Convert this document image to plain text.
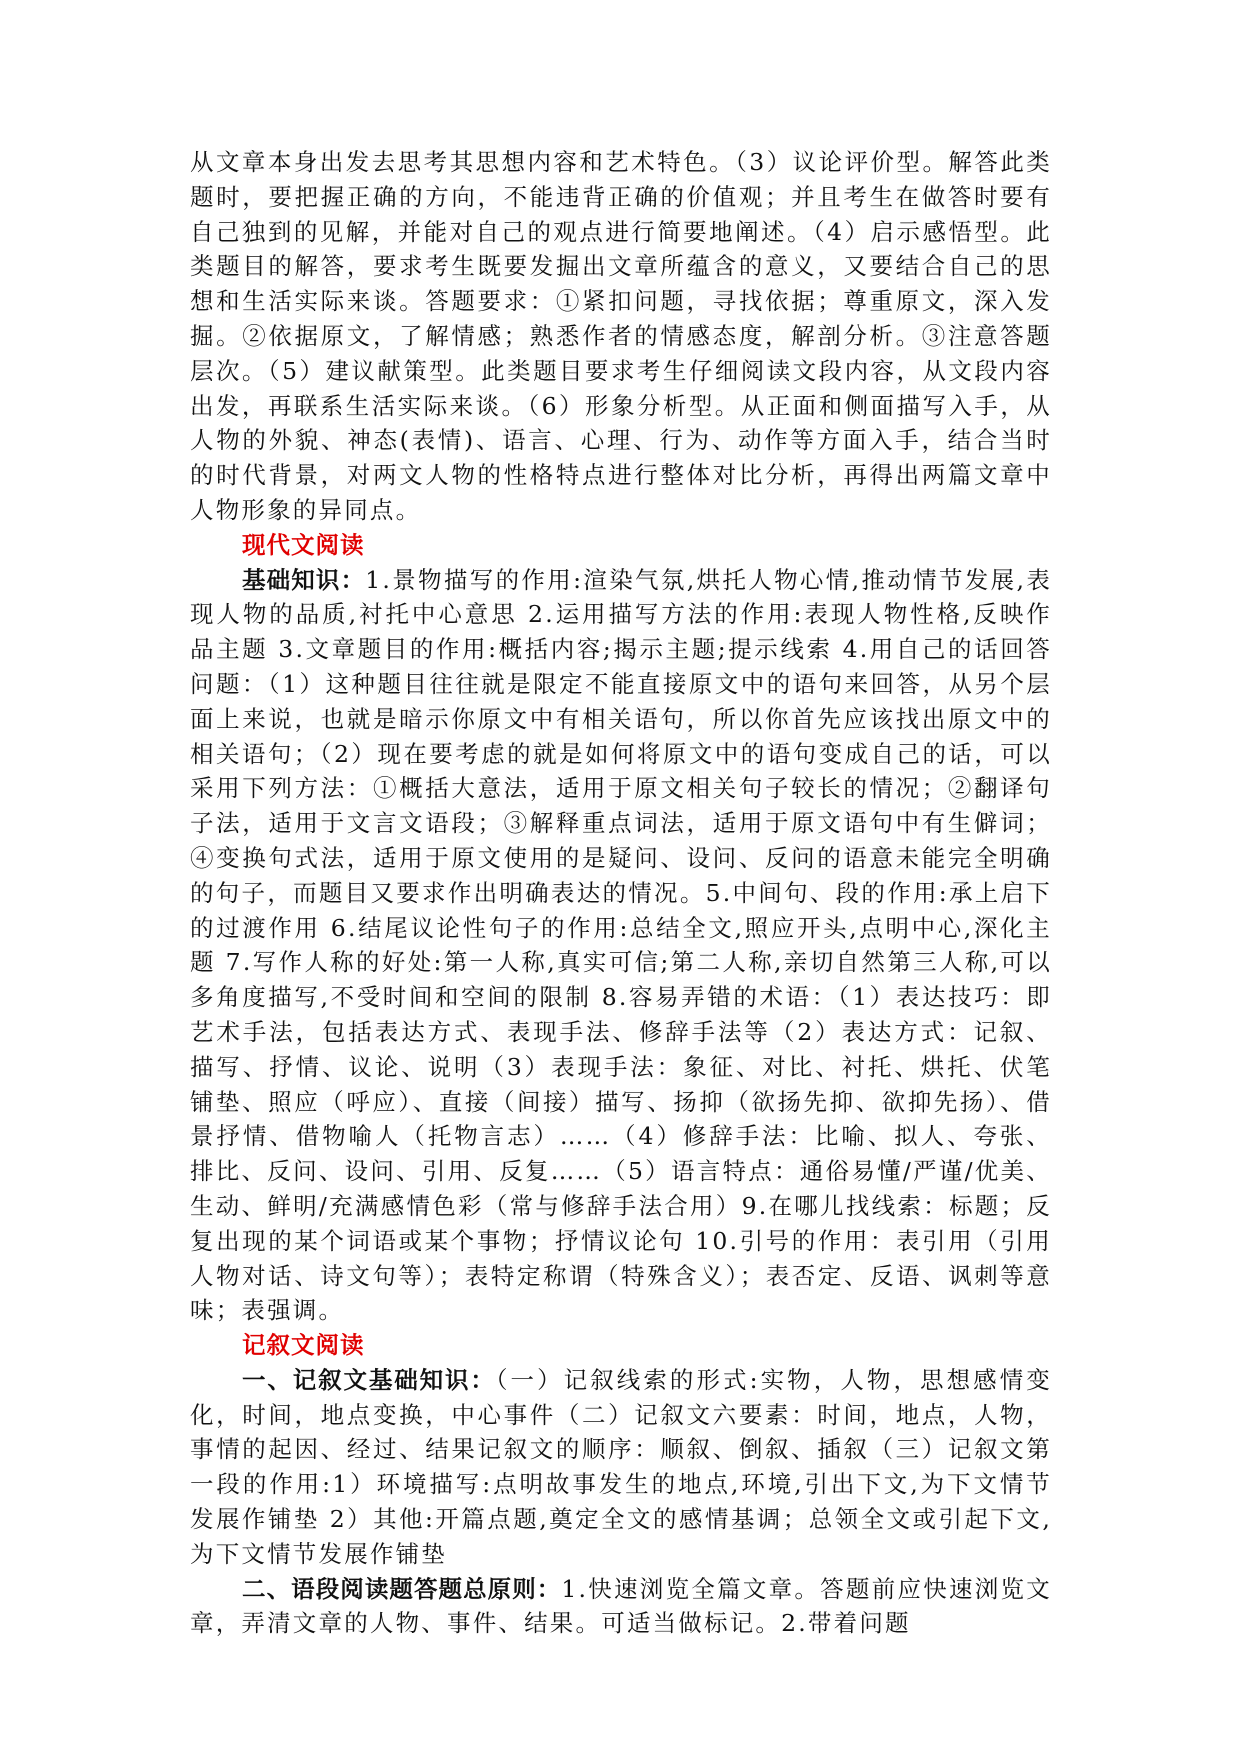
从文章本身出发去思考其思想内容和艺术特色。（3）议论评价型。解答此类题时，要把握正确的方向，不能违背正确的价值观；并且考生在做答时要有自己独到的见解，并能对自己的观点进行简要地阐述。（4）启示感悟型。此类题目的解答，要求考生既要发掘出文章所蕴含的意义，又要结合自己的思想和生活实际来谈。答题要求：①紧扣问题，寻找依据；尊重原文，深入发掘。②依据原文，了解情感；熟悉作者的情感态度，解剖分析。③注意答题层次。（5）建议献策型。此类题目要求考生仔细阅读文段内容，从文段内容出发，再联系生活实际来谈。（6）形象分析型。从正面和侧面描写入手，从人物的外貌、神态(表情)、语言、心理、行为、动作等方面入手，结合当时的时代背景，对两文人物的性格特点进行整体对比分析，再得出两篇文章中人物形象的异同点。

现代文阅读

基础知识：1.景物描写的作用:渲染气氛,烘托人物心情,推动情节发展,表现人物的品质,衬托中心意思 2.运用描写方法的作用:表现人物性格,反映作品主题 3.文章题目的作用:概括内容;揭示主题;提示线索 4.用自己的话回答问题：（1）这种题目往往就是限定不能直接原文中的语句来回答，从另个层面上来说，也就是暗示你原文中有相关语句，所以你首先应该找出原文中的相关语句；（2）现在要考虑的就是如何将原文中的语句变成自己的话，可以采用下列方法：①概括大意法，适用于原文相关句子较长的情况；②翻译句子法，适用于文言文语段；③解释重点词法，适用于原文语句中有生僻词；④变换句式法，适用于原文使用的是疑问、设问、反问的语意未能完全明确的句子，而题目又要求作出明确表达的情况。5.中间句、段的作用:承上启下的过渡作用 6.结尾议论性句子的作用:总结全文,照应开头,点明中心,深化主题 7.写作人称的好处:第一人称,真实可信;第二人称,亲切自然第三人称,可以多角度描写,不受时间和空间的限制 8.容易弄错的术语：（1）表达技巧：即艺术手法，包括表达方式、表现手法、修辞手法等（2）表达方式：记叙、描写、抒情、议论、说明（3）表现手法：象征、对比、衬托、烘托、伏笔铺垫、照应（呼应）、直接（间接）描写、扬抑（欲扬先抑、欲抑先扬）、借景抒情、借物喻人（托物言志）……（4）修辞手法：比喻、拟人、夸张、排比、反问、设问、引用、反复……（5）语言特点：通俗易懂/严谨/优美、生动、鲜明/充满感情色彩（常与修辞手法合用）9.在哪儿找线索：标题；反复出现的某个词语或某个事物；抒情议论句 10.引号的作用：表引用（引用人物对话、诗文句等）；表特定称谓（特殊含义）；表否定、反语、讽刺等意味；表强调。

记叙文阅读

一、记叙文基础知识：（一）记叙线索的形式:实物，人物，思想感情变化，时间，地点变换，中心事件（二）记叙文六要素：时间，地点，人物，事情的起因、经过、结果记叙文的顺序：顺叙、倒叙、插叙（三）记叙文第一段的作用:1）环境描写:点明故事发生的地点,环境,引出下文,为下文情节发展作铺垫 2）其他:开篇点题,奠定全文的感情基调；总领全文或引起下文,为下文情节发展作铺垫

二、语段阅读题答题总原则：1.快速浏览全篇文章。答题前应快速浏览文章，弄清文章的人物、事件、结果。可适当做标记。2.带着问题
